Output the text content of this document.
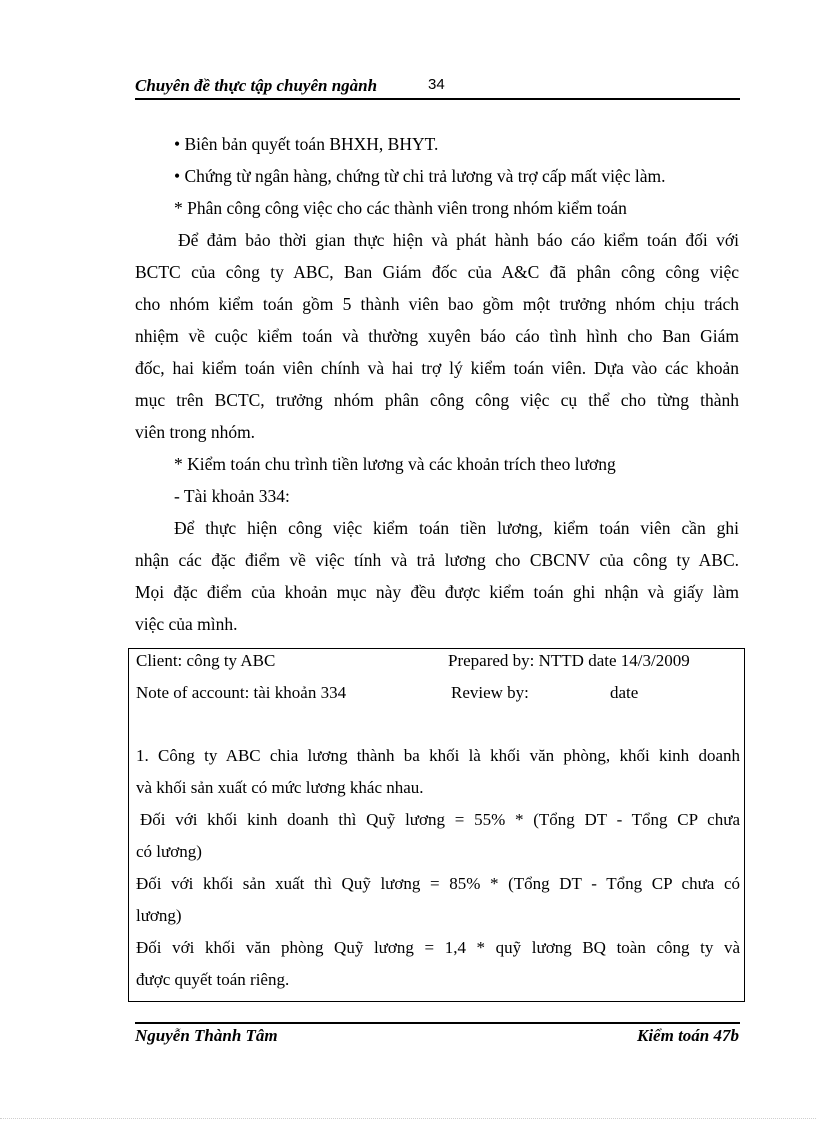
Chuyên đề thực tập chuyên ngành	34
• Biên bản quyết toán BHXH, BHYT.
• Chứng từ ngân hàng, chứng từ chi trả lương và trợ cấp mất việc làm.
* Phân công công việc cho các thành viên trong nhóm kiểm toán
Để đảm bảo thời gian thực hiện và phát hành báo cáo kiểm toán đối với
BCTC của công ty ABC, Ban Giám đốc của A&C đã phân công công việc
cho nhóm kiểm toán gồm 5 thành viên bao gồm một trưởng nhóm chịu trách
nhiệm về cuộc kiểm toán và thường xuyên báo cáo tình hình cho Ban Giám
đốc, hai kiểm toán viên chính và hai trợ lý kiểm toán viên. Dựa vào các khoản
mục trên BCTC, trưởng nhóm phân công công việc cụ thể cho từng thành
viên trong nhóm.
* Kiểm toán chu trình tiền lương và các khoản trích theo lương
- Tài khoản 334:
Để thực hiện công việc kiểm toán tiền lương, kiểm toán viên cần ghi
nhận các đặc điểm về việc tính và trả lương cho CBCNV của công ty ABC.
Mọi đặc điểm của khoản mục này đều được kiểm toán ghi nhận và giấy làm
việc của mình.
Client: công ty ABC	Prepared by: NTTD date 14/3/2009
Note of account: tài khoản 334	Review by:	date
1. Công ty ABC chia lương thành ba khối là khối văn phòng, khối kinh doanh
và khối sản xuất có mức lương khác nhau.
Đối với khối kinh doanh thì Quỹ lương = 55% * (Tổng DT - Tổng CP chưa
có lương)
Đối với khối sản xuất thì Quỹ lương = 85% * (Tổng DT - Tổng CP chưa có
lương)
Đối với khối văn phòng Quỹ lương = 1,4 * quỹ lương BQ toàn công ty và
được quyết toán riêng.
Nguyễn Thành Tâm	Kiểm toán 47b
